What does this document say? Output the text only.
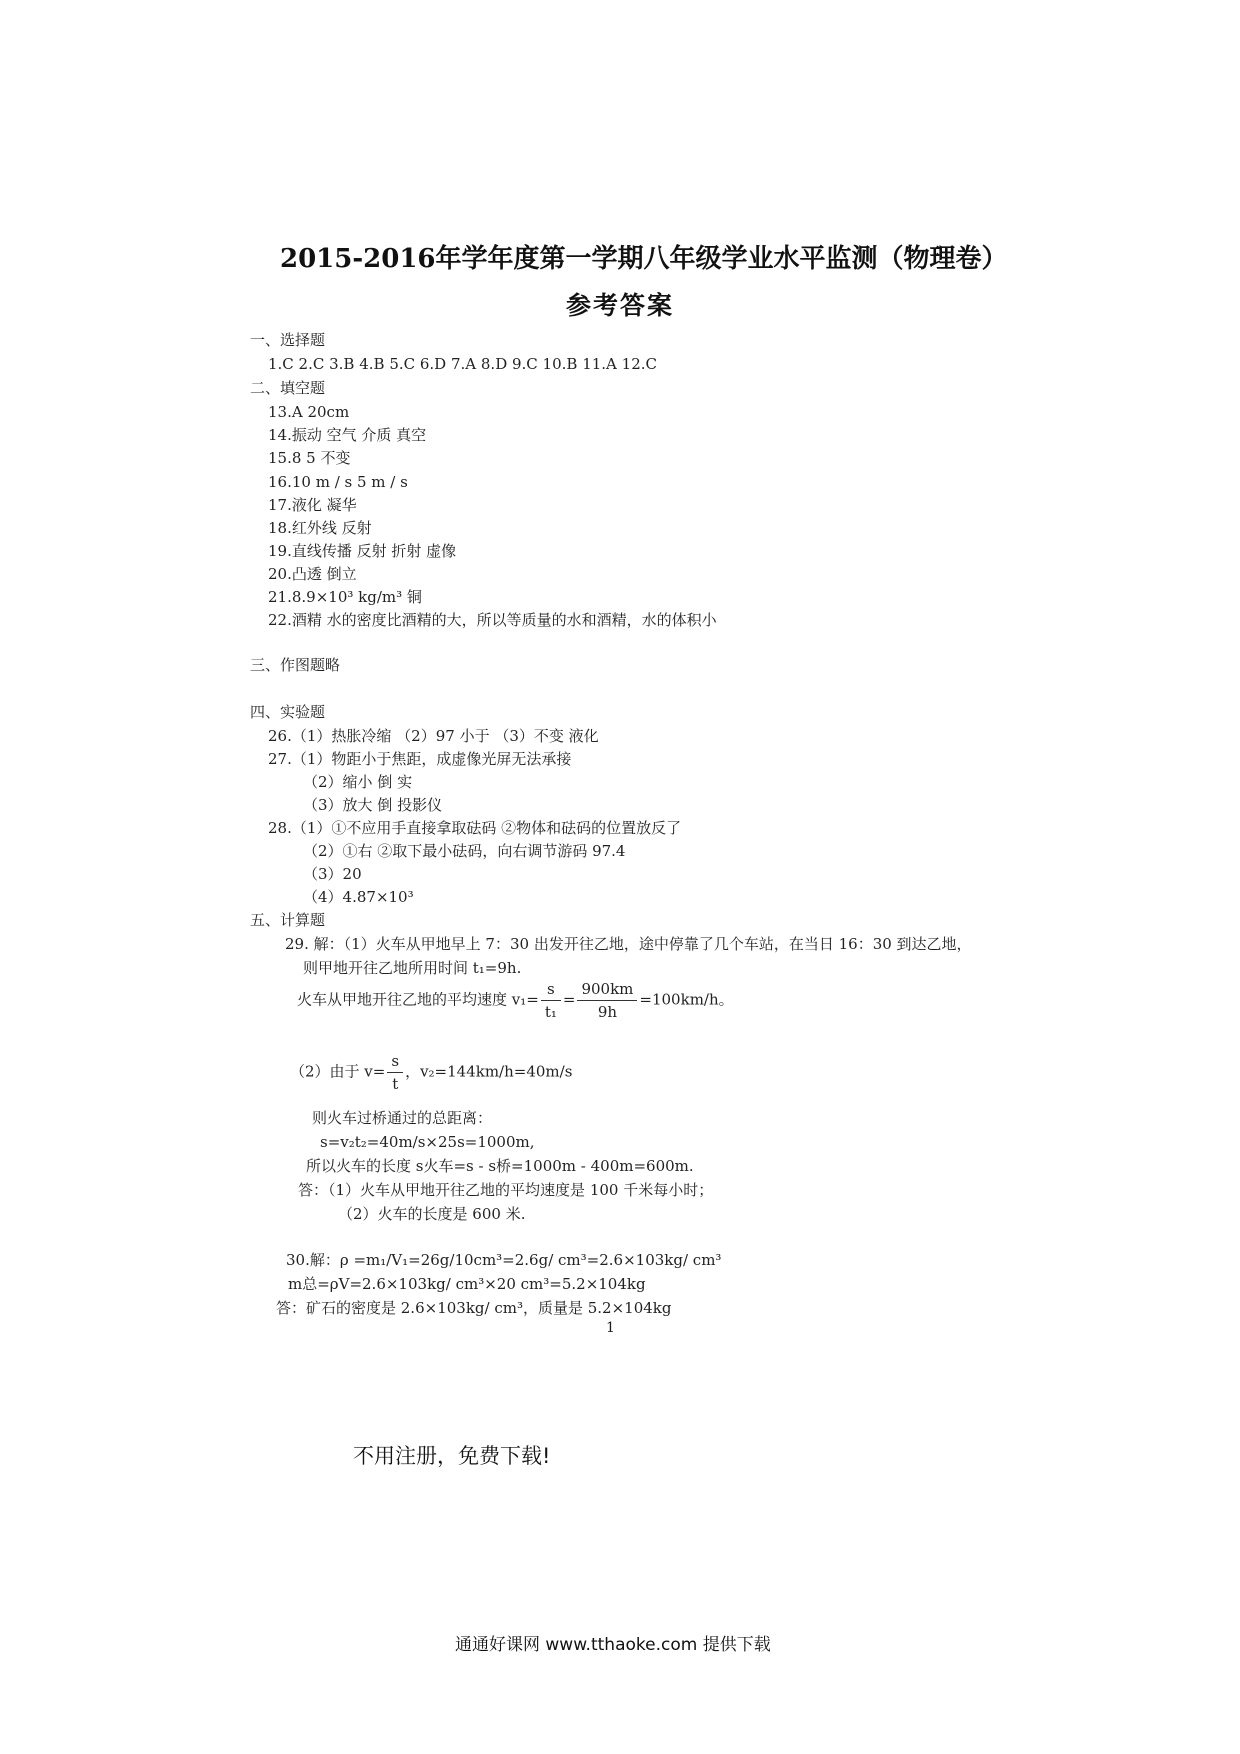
2015-2016年学年度第一学期八年级学业水平监测（物理卷）
参考答案
一、选择题
1.C 2.C 3.B 4.B 5.C 6.D 7.A 8.D 9.C 10.B 11.A 12.C
二、填空题
13.A 20cm
14.振动 空气 介质 真空
15.8 5 不变
16.10 m / s 5 m / s
17.液化 凝华
18.红外线 反射
19.直线传播 反射 折射 虚像
20.凸透 倒立
21.8.9×10³ kg/m³ 铜
22.酒精 水的密度比酒精的大，所以等质量的水和酒精，水的体积小
三、作图题略
四、实验题
26.（1）热胀冷缩 （2）97 小于 （3）不变 液化
27.（1）物距小于焦距，成虚像光屏无法承接
（2）缩小 倒 实
（3）放大 倒 投影仪
28.（1）①不应用手直接拿取砝码 ②物体和砝码的位置放反了
（2）①右 ②取下最小砝码，向右调节游码 97.4
（3）20
（4）4.87×10³
五、计算题
29. 解：（1）火车从甲地早上 7：30 出发开往乙地，途中停靠了几个车站，在当日 16：30 到达乙地，
则甲地开往乙地所用时间 t₁=9h.
火车从甲地开往乙地的平均速度 $v_1= \frac{s}{\text{t₁}} = \frac{900km}{9h} =100km/h$。
（2）由于 $v= \frac{s}{t}$ ，v₂=144km/h=40m/s
则火车过桥通过的总距离：
s=v₂t₂=40m/s×25s=1000m,
所以火车的长度 s火车=s - s桥=1000m - 400m=600m.
答：（1）火车从甲地开往乙地的平均速度是 100 千米每小时；
（2）火车的长度是 600 米.
30.解：ρ =m₁/V₁=26g/10cm³=2.6g/ cm³=2.6×103kg/ cm³
m总=ρV=2.6×103kg/ cm³×20 cm³=5.2×104kg
答：矿石的密度是 2.6×103kg/ cm³，质量是 5.2×104kg
1
不用注册，免费下载!
通通好课网 www.tthaoke.com 提供下载
